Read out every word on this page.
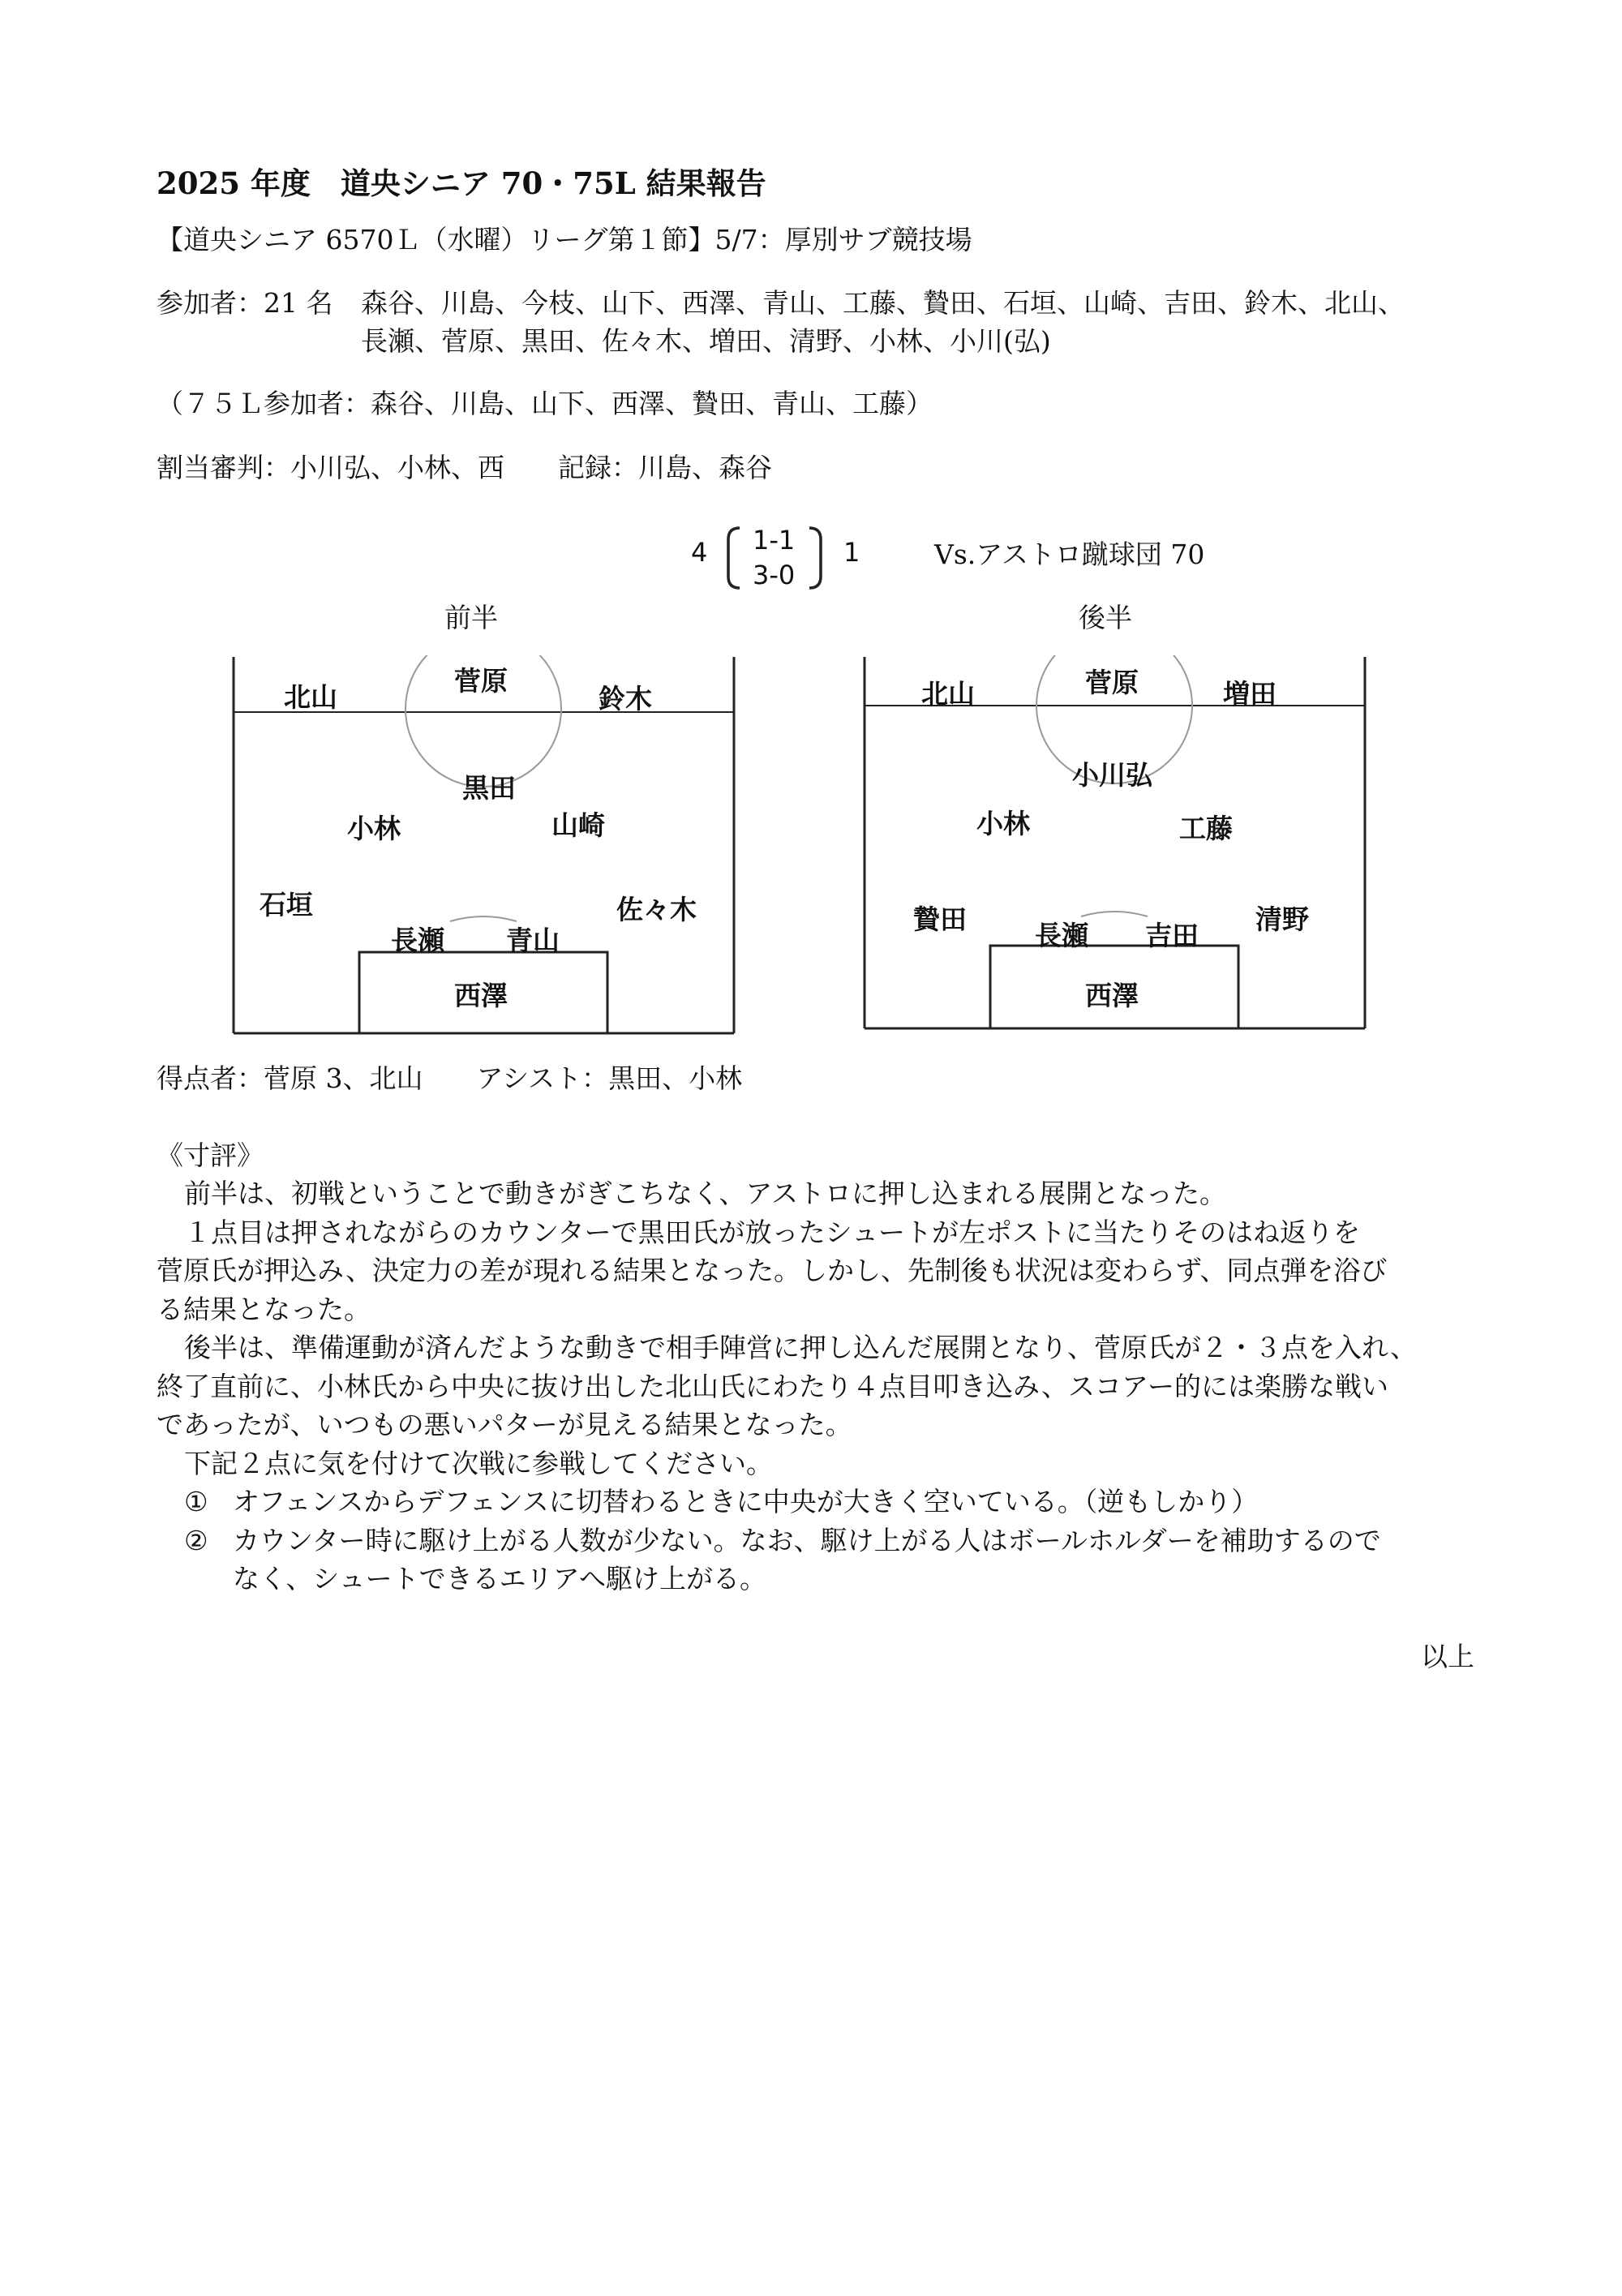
2025 年度　道央シニア 70・75L 結果報告
【道央シニア 6570Ｌ（水曜）リーグ第１節】5/7：厚別サブ競技場
参加者：21 名 森谷、川島、今枝、山下、西澤、青山、工藤、贄田、石垣、山崎、吉田、鈴木、北山、
長瀬、菅原、黒田、佐々木、増田、清野、小林、小川(弘)
（７５Ｌ参加者：森谷、川島、山下、西澤、贄田、青山、工藤）
割当審判：小川弘、小林、西　　記録：川島、森谷
4 1-1
3-0
1	Vs.アストロ蹴球団 70
前半
北山
菅原
鈴木
黒田
小林	山崎
石垣	佐々木
長瀬 青山
西澤
後半
北山	菅原	増田
小川弘
小林	工藤
贄田	清野
長瀬 吉田
西澤
得点者：菅原 3、北山　　アシスト：黒田、小林
《寸評》
前半は、初戦ということで動きがぎこちなく、アストロに押し込まれる展開となった。
１点目は押されながらのカウンターで黒田氏が放ったシュートが左ポストに当たりそのはね返りを
菅原氏が押込み、決定力の差が現れる結果となった。しかし、先制後も状況は変わらず、同点弾を浴び
る結果となった。
後半は、準備運動が済んだような動きで相手陣営に押し込んだ展開となり、菅原氏が２・３点を入れ、
終了直前に、小林氏から中央に抜け出した北山氏にわたり４点目叩き込み、スコアー的には楽勝な戦い
であったが、いつもの悪いパターが見える結果となった。
下記２点に気を付けて次戦に参戦してください。
① オフェンスからデフェンスに切替わるときに中央が大きく空いている。（逆もしかり）
② カウンター時に駆け上がる人数が少ない。なお、駆け上がる人はボールホルダーを補助するので
なく、シュートできるエリアへ駆け上がる。
以上
